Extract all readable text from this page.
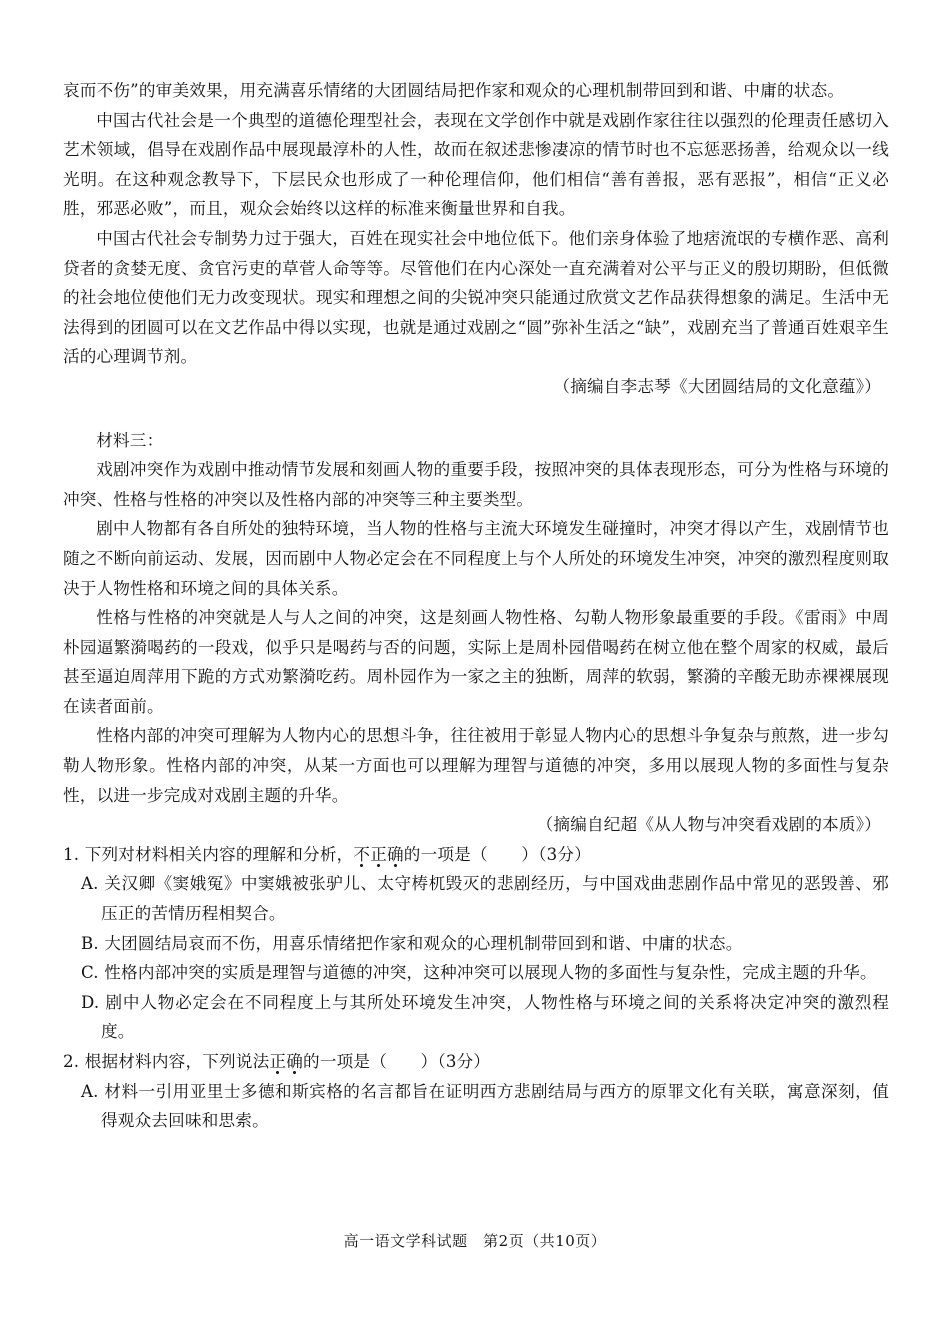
哀而不伤”的审美效果，用充满喜乐情绪的大团圆结局把作家和观众的心理机制带回到和谐、中庸的状态。

中国古代社会是一个典型的道德伦理型社会，表现在文学创作中就是戏剧作家往往以强烈的伦理责任感切入艺术领域，倡导在戏剧作品中展现最淳朴的人性，故而在叙述悲惨凄凉的情节时也不忘惩恶扬善，给观众以一线光明。在这种观念教导下，下层民众也形成了一种伦理信仰，他们相信“善有善报，恶有恶报”，相信“正义必胜，邪恶必败”，而且，观众会始终以这样的标准来衡量世界和自我。

中国古代社会专制势力过于强大，百姓在现实社会中地位低下。他们亲身体验了地痞流氓的专横作恶、高利贷者的贪婪无度、贪官污吏的草菅人命等等。尽管他们在内心深处一直充满着对公平与正义的殷切期盼，但低微的社会地位使他们无力改变现状。现实和理想之间的尖锐冲突只能通过欣赏文艺作品获得想象的满足。生活中无法得到的团圆可以在文艺作品中得以实现，也就是通过戏剧之“圆”弥补生活之“缺”，戏剧充当了普通百姓艰辛生活的心理调节剂。

（摘编自李志琴《大团圆结局的文化意蕴》）

材料三：

戏剧冲突作为戏剧中推动情节发展和刻画人物的重要手段，按照冲突的具体表现形态，可分为性格与环境的冲突、性格与性格的冲突以及性格内部的冲突等三种主要类型。

剧中人物都有各自所处的独特环境，当人物的性格与主流大环境发生碰撞时，冲突才得以产生，戏剧情节也随之不断向前运动、发展，因而剧中人物必定会在不同程度上与个人所处的环境发生冲突，冲突的激烈程度则取决于人物性格和环境之间的具体关系。

性格与性格的冲突就是人与人之间的冲突，这是刻画人物性格、勾勒人物形象最重要的手段。《雷雨》中周朴园逼繁漪喝药的一段戏，似乎只是喝药与否的问题，实际上是周朴园借喝药在树立他在整个周家的权威，最后甚至逼迫周萍用下跪的方式劝繁漪吃药。周朴园作为一家之主的独断，周萍的软弱，繁漪的辛酸无助赤裸裸展现在读者面前。

性格内部的冲突可理解为人物内心的思想斗争，往往被用于彰显人物内心的思想斗争复杂与煎熬，进一步勾勒人物形象。性格内部的冲突，从某一方面也可以理解为理智与道德的冲突，多用以展现人物的多面性与复杂性，以进一步完成对戏剧主题的升华。

（摘编自纪超《从人物与冲突看戏剧的本质》）

1. 下列对材料相关内容的理解和分析，不正确的一项是（　　）（3分）

A. 关汉卿《窦娥冤》中窦娥被张驴儿、太守梼杌毁灭的悲剧经历，与中国戏曲悲剧作品中常见的恶毁善、邪压正的苦情历程相契合。

B. 大团圆结局哀而不伤，用喜乐情绪把作家和观众的心理机制带回到和谐、中庸的状态。

C. 性格内部冲突的实质是理智与道德的冲突，这种冲突可以展现人物的多面性与复杂性，完成主题的升华。

D. 剧中人物必定会在不同程度上与其所处环境发生冲突，人物性格与环境之间的关系将决定冲突的激烈程度。

2. 根据材料内容，下列说法正确的一项是（　　）（3分）

A. 材料一引用亚里士多德和斯宾格的名言都旨在证明西方悲剧结局与西方的原罪文化有关联，寓意深刻，值得观众去回味和思索。

高一语文学科试题　第2页（共10页）
